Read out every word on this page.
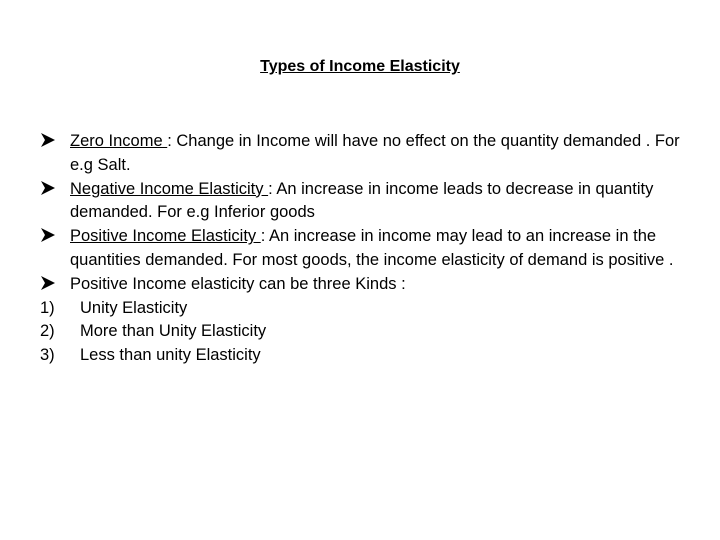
Types of Income Elasticity
Zero Income : Change in Income will have no effect on the quantity demanded . For e.g Salt.
Negative Income Elasticity : An increase in income leads to decrease in quantity demanded. For e.g Inferior goods
Positive Income Elasticity : An increase in income may lead to an increase in the quantities demanded. For most goods, the income elasticity of demand is positive .
Positive Income elasticity can be three Kinds :
1)	Unity Elasticity
2)	More than Unity Elasticity
3)	Less than unity Elasticity
